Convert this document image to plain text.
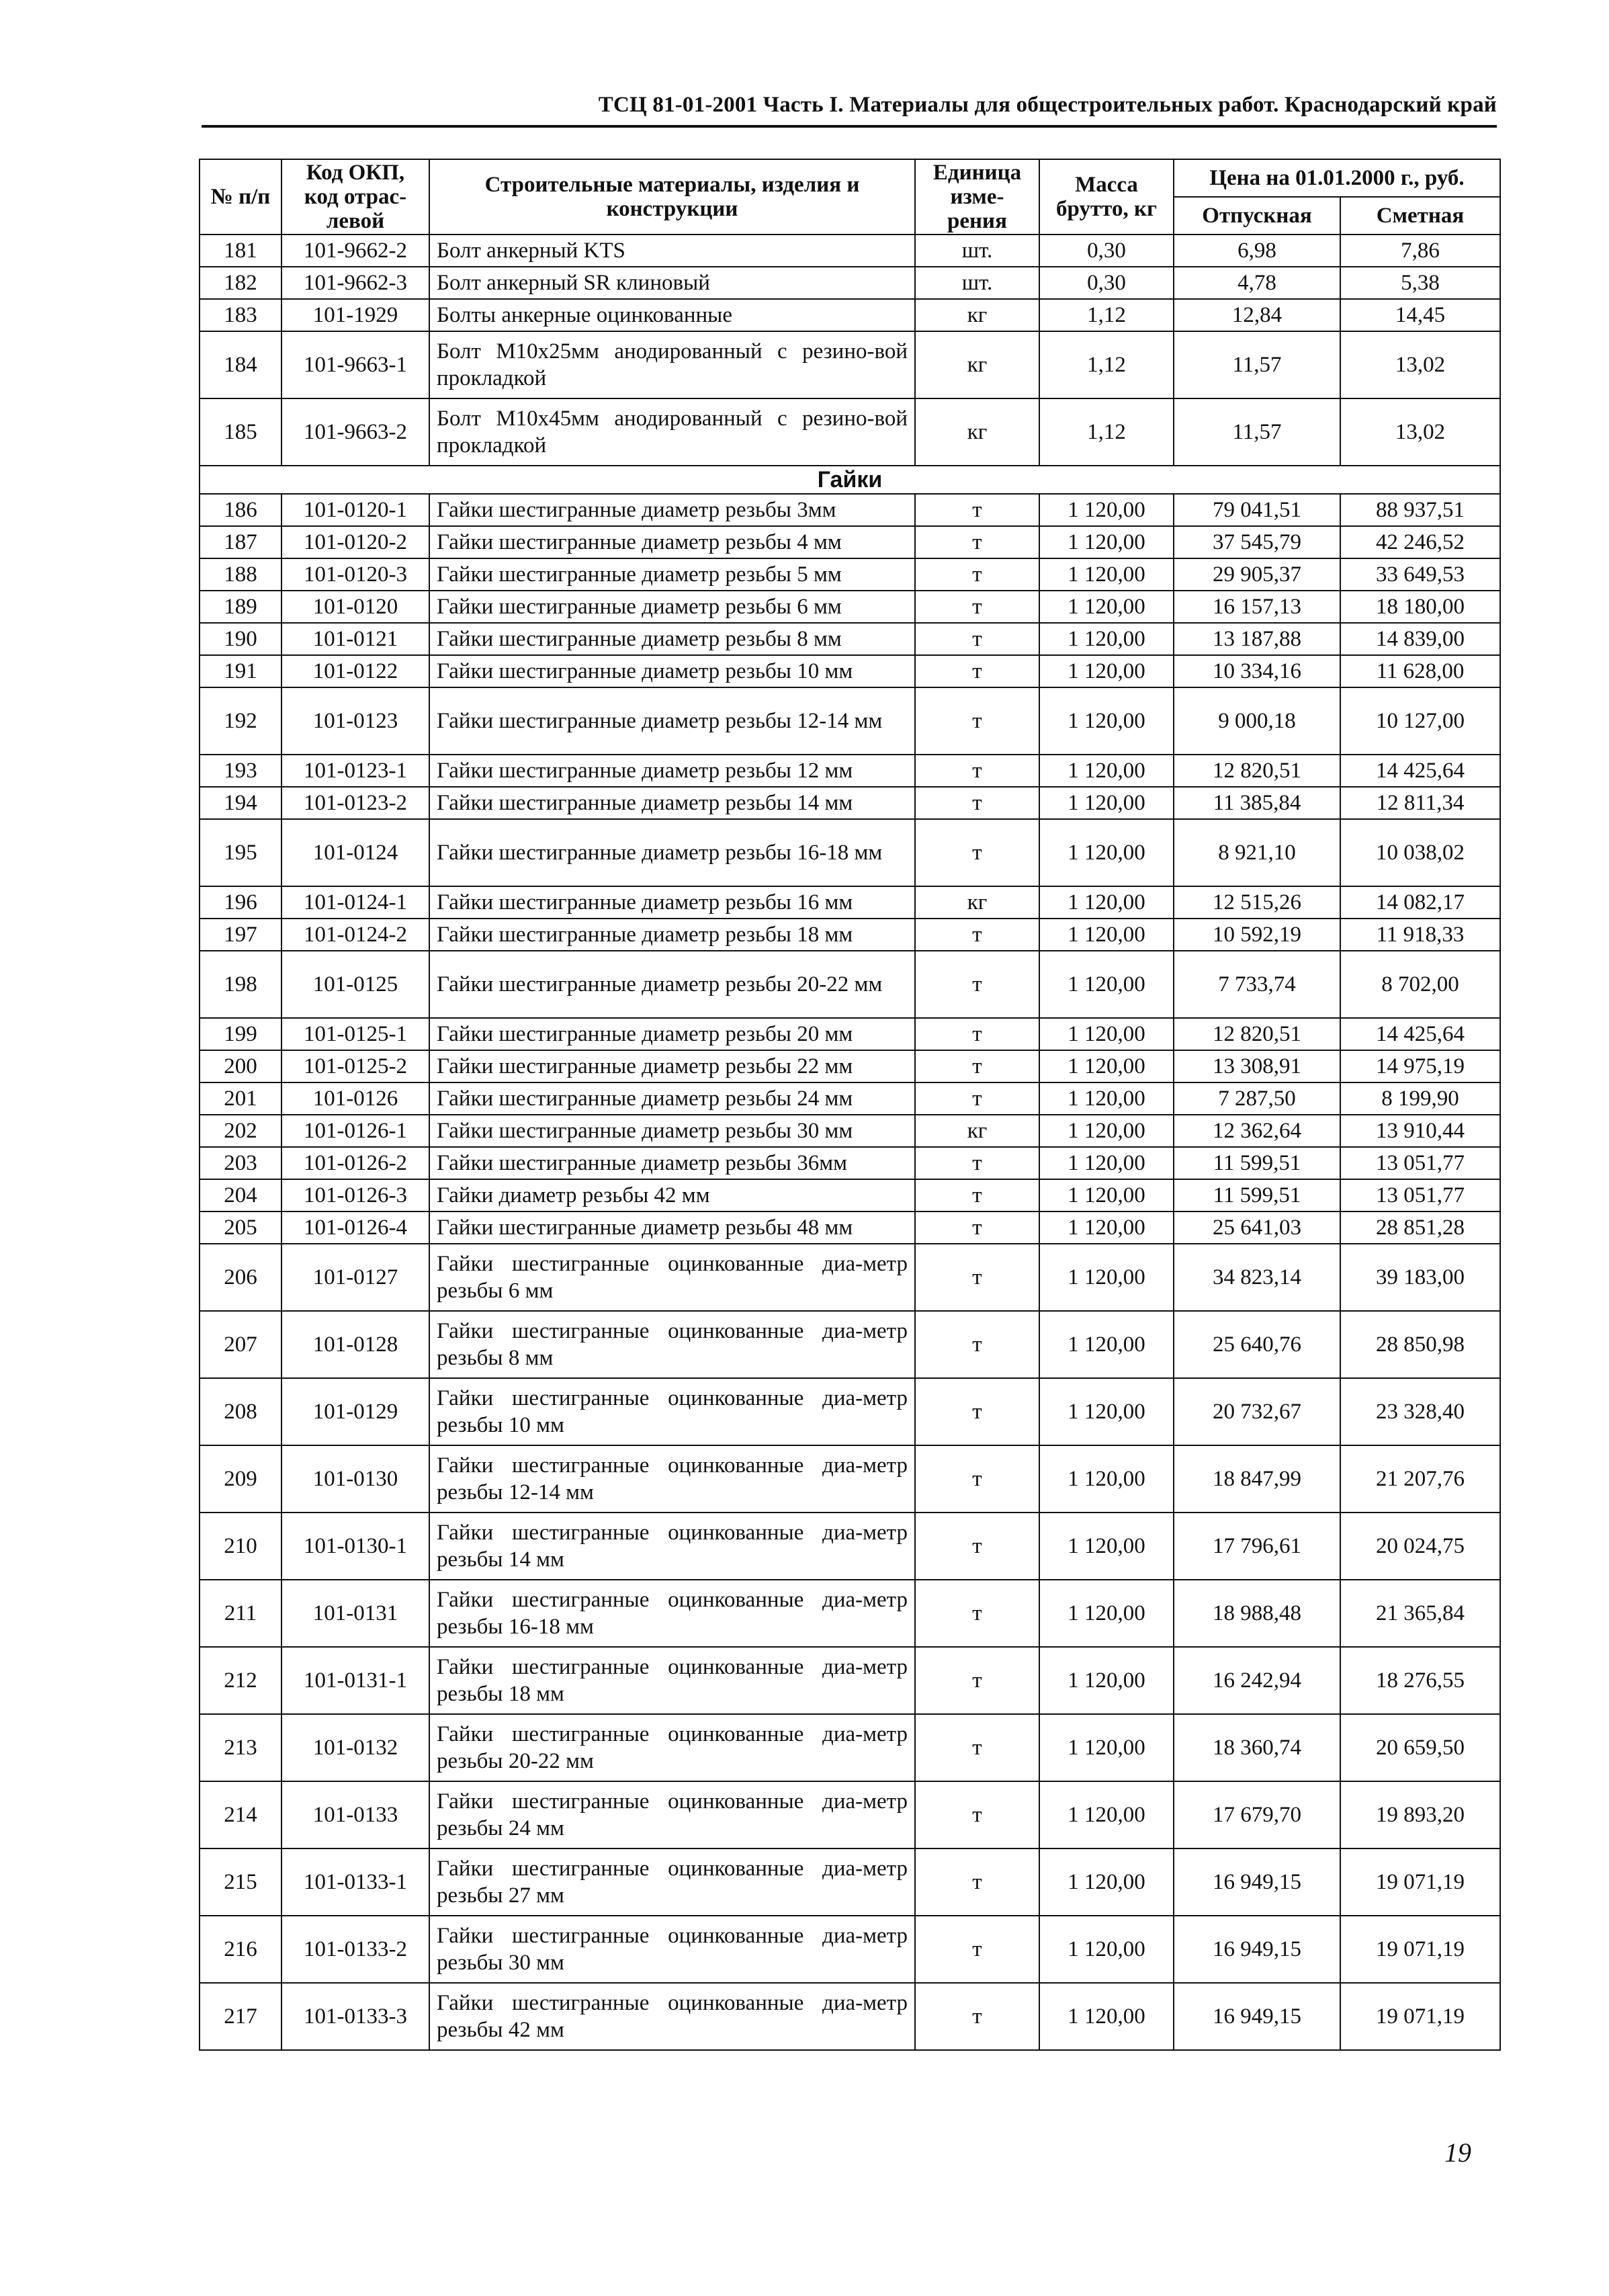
ТСЦ 81-01-2001 Часть I. Материалы для общестроительных работ. Краснодарский край
№ п/п	Код ОКП, код отрас-левой	Строительные материалы, изделия и конструкции	Единица изме-рения	Масса брутто, кг	Цена на 01.01.2000 г., руб.	
					Отпускная	Сметная
181	101-9662-2	Болт анкерный KTS	шт.	0,30	6,98	7,86
182	101-9662-3	Болт анкерный SR клиновый	шт.	0,30	4,78	5,38
183	101-1929	Болты анкерные оцинкованные	кг	1,12	12,84	14,45
184	101-9663-1	Болт М10х25мм анодированный с резино-вой прокладкой	кг	1,12	11,57	13,02
185	101-9663-2	Болт М10х45мм анодированный с резино-вой прокладкой	кг	1,12	11,57	13,02
Гайки						
186	101-0120-1	Гайки шестигранные диаметр резьбы 3мм	т	1 120,00	79 041,51	88 937,51
187	101-0120-2	Гайки шестигранные диаметр резьбы 4 мм	т	1 120,00	37 545,79	42 246,52
188	101-0120-3	Гайки шестигранные диаметр резьбы 5 мм	т	1 120,00	29 905,37	33 649,53
189	101-0120	Гайки шестигранные диаметр резьбы 6 мм	т	1 120,00	16 157,13	18 180,00
190	101-0121	Гайки шестигранные диаметр резьбы 8 мм	т	1 120,00	13 187,88	14 839,00
191	101-0122	Гайки шестигранные диаметр резьбы 10 мм	т	1 120,00	10 334,16	11 628,00
192	101-0123	Гайки шестигранные диаметр резьбы 12-14 мм	т	1 120,00	9 000,18	10 127,00
193	101-0123-1	Гайки шестигранные диаметр резьбы 12 мм	т	1 120,00	12 820,51	14 425,64
194	101-0123-2	Гайки шестигранные диаметр резьбы 14 мм	т	1 120,00	11 385,84	12 811,34
195	101-0124	Гайки шестигранные диаметр резьбы 16-18 мм	т	1 120,00	8 921,10	10 038,02
196	101-0124-1	Гайки шестигранные диаметр резьбы 16 мм	кг	1 120,00	12 515,26	14 082,17
197	101-0124-2	Гайки шестигранные диаметр резьбы 18 мм	т	1 120,00	10 592,19	11 918,33
198	101-0125	Гайки шестигранные диаметр резьбы 20-22 мм	т	1 120,00	7 733,74	8 702,00
199	101-0125-1	Гайки шестигранные диаметр резьбы 20 мм	т	1 120,00	12 820,51	14 425,64
200	101-0125-2	Гайки шестигранные диаметр резьбы 22 мм	т	1 120,00	13 308,91	14 975,19
201	101-0126	Гайки шестигранные диаметр резьбы 24 мм	т	1 120,00	7 287,50	8 199,90
202	101-0126-1	Гайки шестигранные диаметр резьбы 30 мм	кг	1 120,00	12 362,64	13 910,44
203	101-0126-2	Гайки шестигранные диаметр резьбы 36мм	т	1 120,00	11 599,51	13 051,77
204	101-0126-3	Гайки диаметр резьбы 42 мм	т	1 120,00	11 599,51	13 051,77
205	101-0126-4	Гайки шестигранные диаметр резьбы 48 мм	т	1 120,00	25 641,03	28 851,28
206	101-0127	Гайки шестигранные оцинкованные диа-метр резьбы 6 мм	т	1 120,00	34 823,14	39 183,00
207	101-0128	Гайки шестигранные оцинкованные диа-метр резьбы 8 мм	т	1 120,00	25 640,76	28 850,98
208	101-0129	Гайки шестигранные оцинкованные диа-метр резьбы 10 мм	т	1 120,00	20 732,67	23 328,40
209	101-0130	Гайки шестигранные оцинкованные диа-метр резьбы 12-14 мм	т	1 120,00	18 847,99	21 207,76
210	101-0130-1	Гайки шестигранные оцинкованные диа-метр резьбы 14 мм	т	1 120,00	17 796,61	20 024,75
211	101-0131	Гайки шестигранные оцинкованные диа-метр резьбы 16-18 мм	т	1 120,00	18 988,48	21 365,84
212	101-0131-1	Гайки шестигранные оцинкованные диа-метр резьбы 18 мм	т	1 120,00	16 242,94	18 276,55
213	101-0132	Гайки шестигранные оцинкованные диа-метр резьбы 20-22 мм	т	1 120,00	18 360,74	20 659,50
214	101-0133	Гайки шестигранные оцинкованные диа-метр резьбы 24 мм	т	1 120,00	17 679,70	19 893,20
215	101-0133-1	Гайки шестигранные оцинкованные диа-метр резьбы 27 мм	т	1 120,00	16 949,15	19 071,19
216	101-0133-2	Гайки шестигранные оцинкованные диа-метр резьбы 30 мм	т	1 120,00	16 949,15	19 071,19
217	101-0133-3	Гайки шестигранные оцинкованные диа-метр резьбы 42 мм	т	1 120,00	16 949,15	19 071,19
19
